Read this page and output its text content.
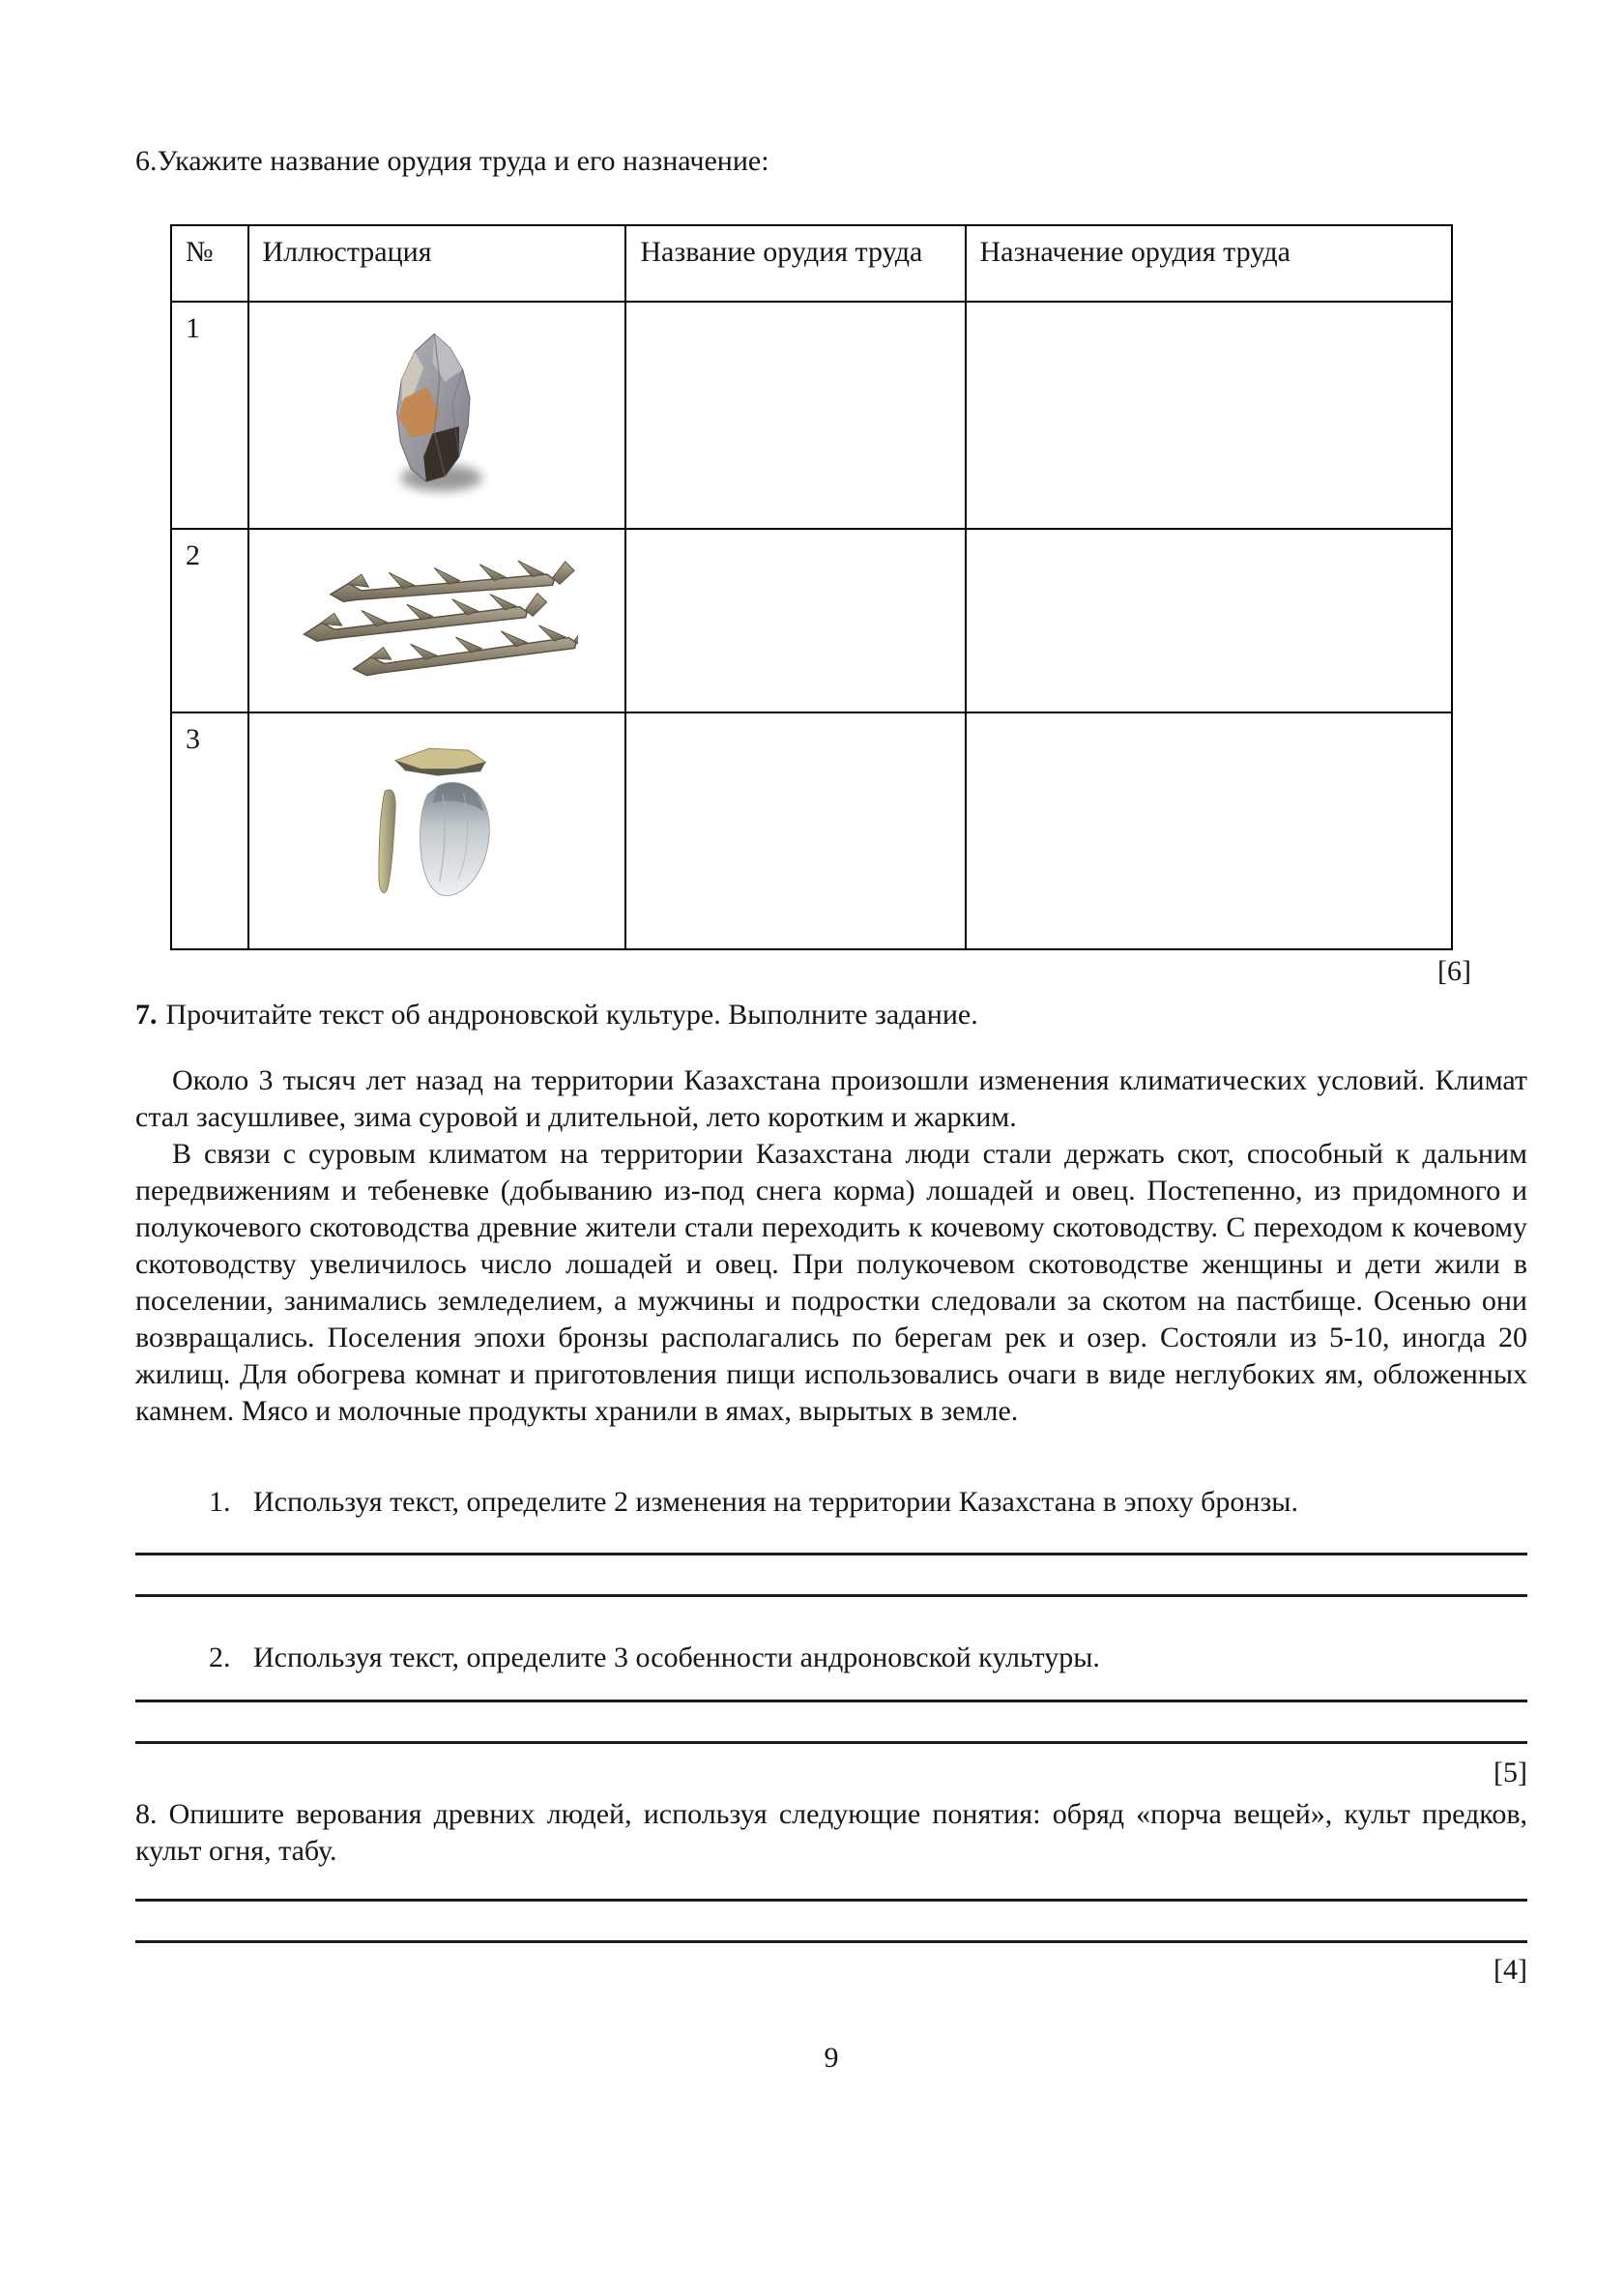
6.Укажите название орудия труда и его назначение:

№	Иллюстрация	Название орудия труда	Назначение орудия труда
1			
2			
3			
[6]

7. Прочитайте текст об андроновской культуре. Выполните задание.

Около 3 тысяч лет назад на территории Казахстана произошли изменения климатических условий. Климат стал засушливее, зима суровой и длительной, лето коротким и жарким.

В связи с суровым климатом на территории Казахстана люди стали держать скот, способный к дальним передвижениям и тебеневке (добыванию из-под снега корма) лошадей и овец. Постепенно, из придомного и полукочевого скотоводства древние жители стали переходить к кочевому скотоводству. С переходом к кочевому скотоводству увеличилось число лошадей и овец. При полукочевом скотоводстве женщины и дети жили в поселении, занимались земледелием, а мужчины и подростки следовали за скотом на пастбище. Осенью они возвращались. Поселения эпохи бронзы располагались по берегам рек и озер. Состояли из 5-10, иногда 20 жилищ. Для обогрева комнат и приготовления пищи использовались очаги в виде неглубоких ям, обложенных камнем. Мясо и молочные продукты хранили в ямах, вырытых в земле.

1. Используя текст, определите 2 изменения на территории Казахстана в эпоху бронзы.
2. Используя текст, определите 3 особенности андроновской культуры.
[5]

8. Опишите верования древних людей, используя следующие понятия: обряд «порча вещей», культ предков, культ огня, табу.

[4]
9
